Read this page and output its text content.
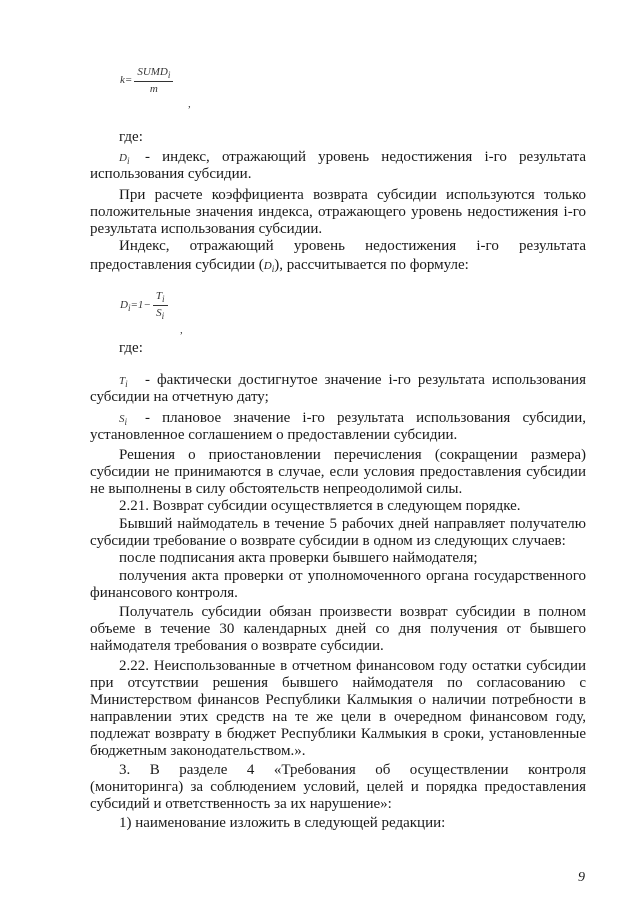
$k= \frac{SUMD_i}{m}$
,
где:
$D_i$ - индекс, отражающий уровень недостижения i-го результата
использования субсидии.
При расчете коэффициента возврата субсидии используются только
положительные значения индекса, отражающего уровень недостижения i-го
результата использования субсидии.
Индекс, отражающий уровень недостижения i-го результата
предоставления субсидии $(D_i)$, рассчитывается по формуле:
$D_i=1- \frac{T_i}{S_i}$
,
где:
$T_i$ - фактически достигнутое значение i-го результата использования
субсидии на отчетную дату;
$S_i$ - плановое значение i-го результата использования субсидии,
установленное соглашением о предоставлении субсидии.
Решения о приостановлении перечисления (сокращении размера)
субсидии не принимаются в случае, если условия предоставления субсидии
не выполнены в силу обстоятельств непреодолимой силы.
2.21. Возврат субсидии осуществляется в следующем порядке.
Бывший наймодатель в течение 5 рабочих дней направляет получателю
субсидии требование о возврате субсидии в одном из следующих случаев:
после подписания акта проверки бывшего наймодателя;
получения акта проверки от уполномоченного органа государственного
финансового контроля.
Получатель субсидии обязан произвести возврат субсидии в полном
объеме в течение 30 календарных дней со дня получения от бывшего
наймодателя требования о возврате субсидии.
2.22. Неиспользованные в отчетном финансовом году остатки субсидии
при отсутствии решения бывшего наймодателя по согласованию с
Министерством финансов Республики Калмыкия о наличии потребности в
направлении этих средств на те же цели в очередном финансовом году,
подлежат возврату в бюджет Республики Калмыкия в сроки, установленные
бюджетным законодательством.».
3. В разделе 4 «Требования об осуществлении контроля
(мониторинга) за соблюдением условий, целей и порядка предоставления
субсидий и ответственность за их нарушение»:
1) наименование изложить в следующей редакции:
9
